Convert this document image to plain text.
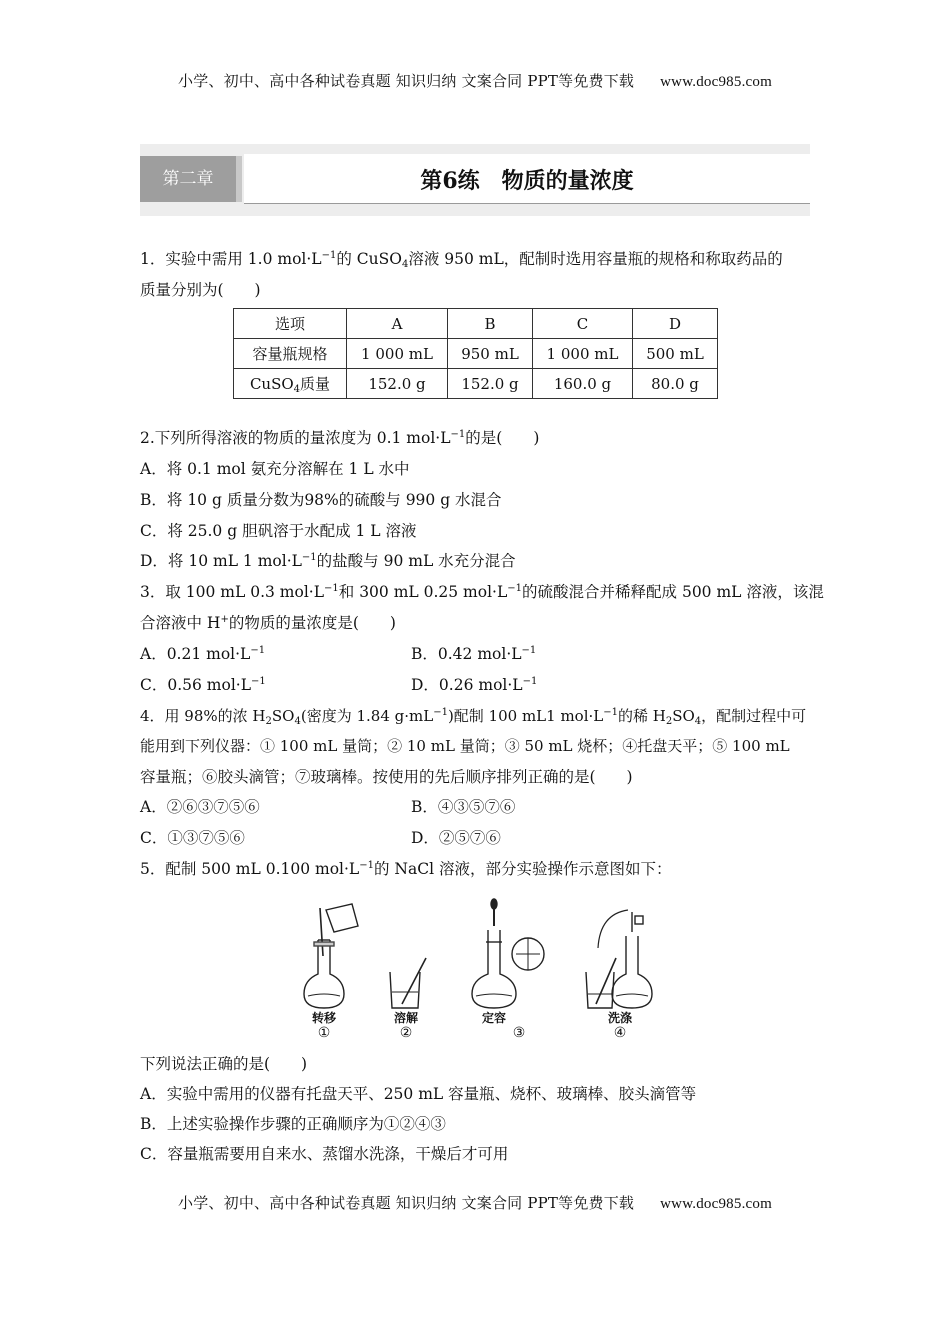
小学、初中、高中各种试卷真题 知识归纳 文案合同 PPT等免费下载 www.doc985.com
第二章	第6练　物质的量浓度
1．实验中需用 1.0 $mol\cdot L^{-1}$的 CuSO$_4$溶液 950 mL，配制时选用容量瓶的规格和称取药品的
质量分别为(　　)
选项	A	B	C	D
容量瓶规格	1 000 mL	950 mL	1 000 mL	500 mL
CuSO$_4$质量	152.0 g	152.0 g	160.0 g	80.0 g
2.下列所得溶液的物质的量浓度为 0.1 $mol\cdot L^{-1}$的是(　　)
A．将 0.1 mol 氨充分溶解在 1 L 水中
B．将 10 g 质量分数为98%的硫酸与 990 g 水混合
C．将 25.0 g 胆矾溶于水配成 1 L 溶液
D．将 10 mL 1 $mol\cdot L^{-1}$的盐酸与 90 mL 水充分混合
3．取 100 mL 0.3 $mol\cdot L^{-1}$和 300 mL 0.25 $mol\cdot L^{-1}$的硫酸混合并稀释配成 500 mL 溶液，该混
合溶液中 H+的物质的量浓度是(　　)
A．0.21 $mol\cdot L^{-1}$	B．0.42 $mol\cdot L^{-1}$
C．0.56 $mol\cdot L^{-1}$	D．0.26 $mol\cdot L^{-1}$
4．用 98%的浓 $H_2SO_4$(密度为 1.84 $g\cdot mL^{-1}$)配制 100 mL1 $mol\cdot L^{-1}$的稀 $H_2SO_4$，配制过程中可
能用到下列仪器：① 100 mL 量筒；② 10 mL 量筒；③ 50 mL 烧杯；④托盘天平；⑤ 100 mL
容量瓶；⑥胶头滴管；⑦玻璃棒。按使用的先后顺序排列正确的是(　　)
A．②⑥③⑦⑤⑥	B．④③⑤⑦⑥
C．①③⑦⑤⑥	D．②⑤⑦⑥
5．配制 500 mL 0.100 $mol\cdot L^{-1}$的 NaCl 溶液，部分实验操作示意图如下：
转移	溶解	定容	洗涤
①	②	③	④
下列说法正确的是(　　)
A．实验中需用的仪器有托盘天平、250 mL 容量瓶、烧杯、玻璃棒、胶头滴管等
B．上述实验操作步骤的正确顺序为①②④③
C．容量瓶需要用自来水、蒸馏水洗涤，干燥后才可用
小学、初中、高中各种试卷真题 知识归纳 文案合同 PPT等免费下载 www.doc985.com
